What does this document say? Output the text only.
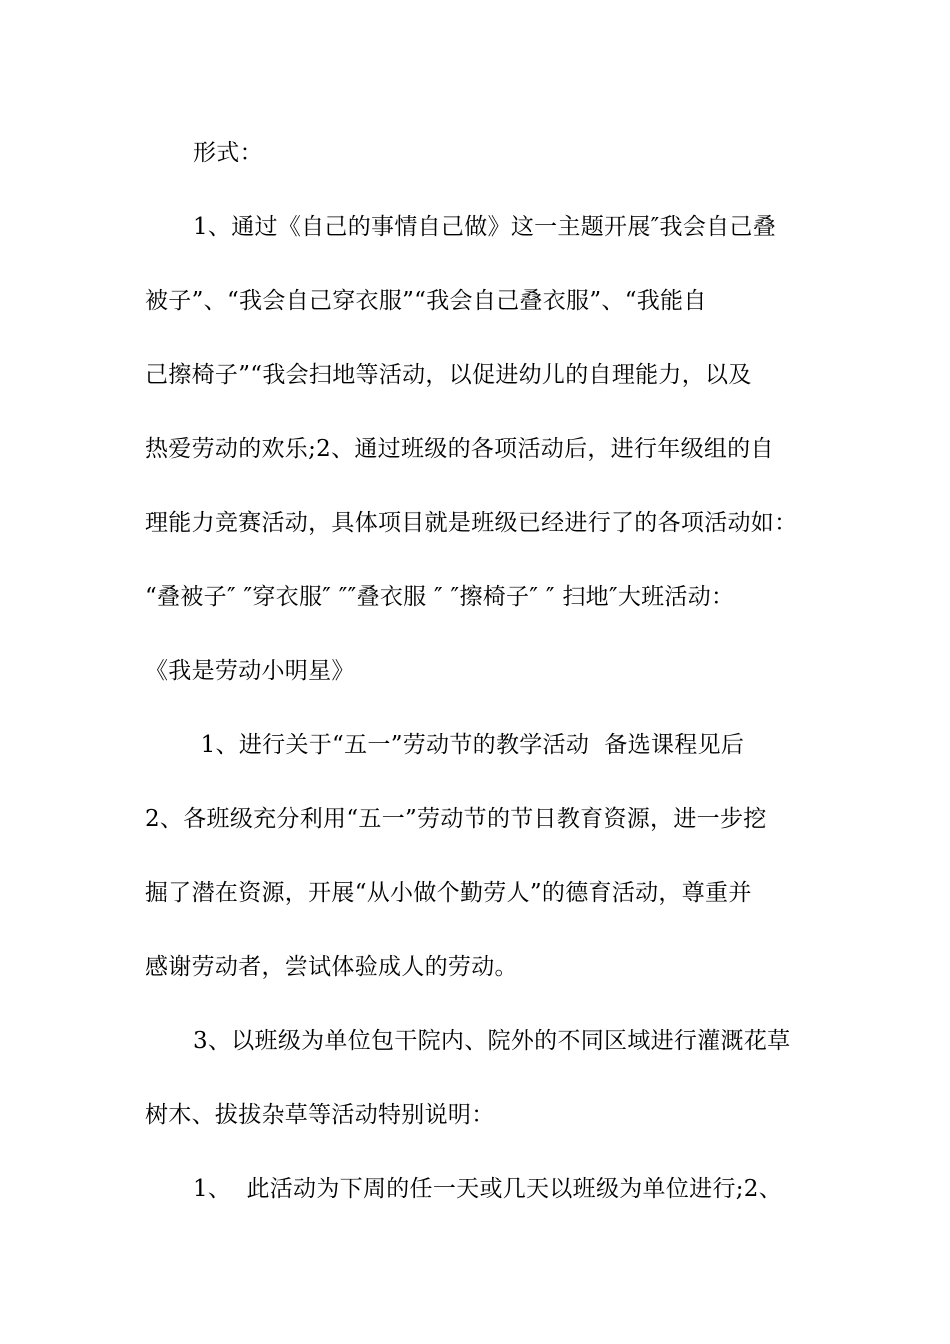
形式：
1、通过《自己的事情自己做》这一主题开展″我会自己叠
被子”、“我会自己穿衣服”“我会自己叠衣服”、“我能自
己擦椅子”“我会扫地等活动，以促进幼儿的自理能力，以及
热爱劳动的欢乐;2、通过班级的各项活动后，进行年级组的自
理能力竞赛活动，具体项目就是班级已经进行了的各项活动如：
“叠被子″ ″穿衣服″ ″″叠衣服 ″ ″擦椅子″ ″ 扫地″大班活动：
《我是劳动小明星》
1、进行关于“五一”劳动节的教学活动  备选课程见后
2、各班级充分利用“五一”劳动节的节日教育资源，进一步挖
掘了潜在资源，开展“从小做个勤劳人”的德育活动，尊重并
感谢劳动者，尝试体验成人的劳动。
3、以班级为单位包干院内、院外的不同区域进行灌溉花草
树木、拔拔杂草等活动特别说明：
1、  此活动为下周的任一天或几天以班级为单位进行;2、
